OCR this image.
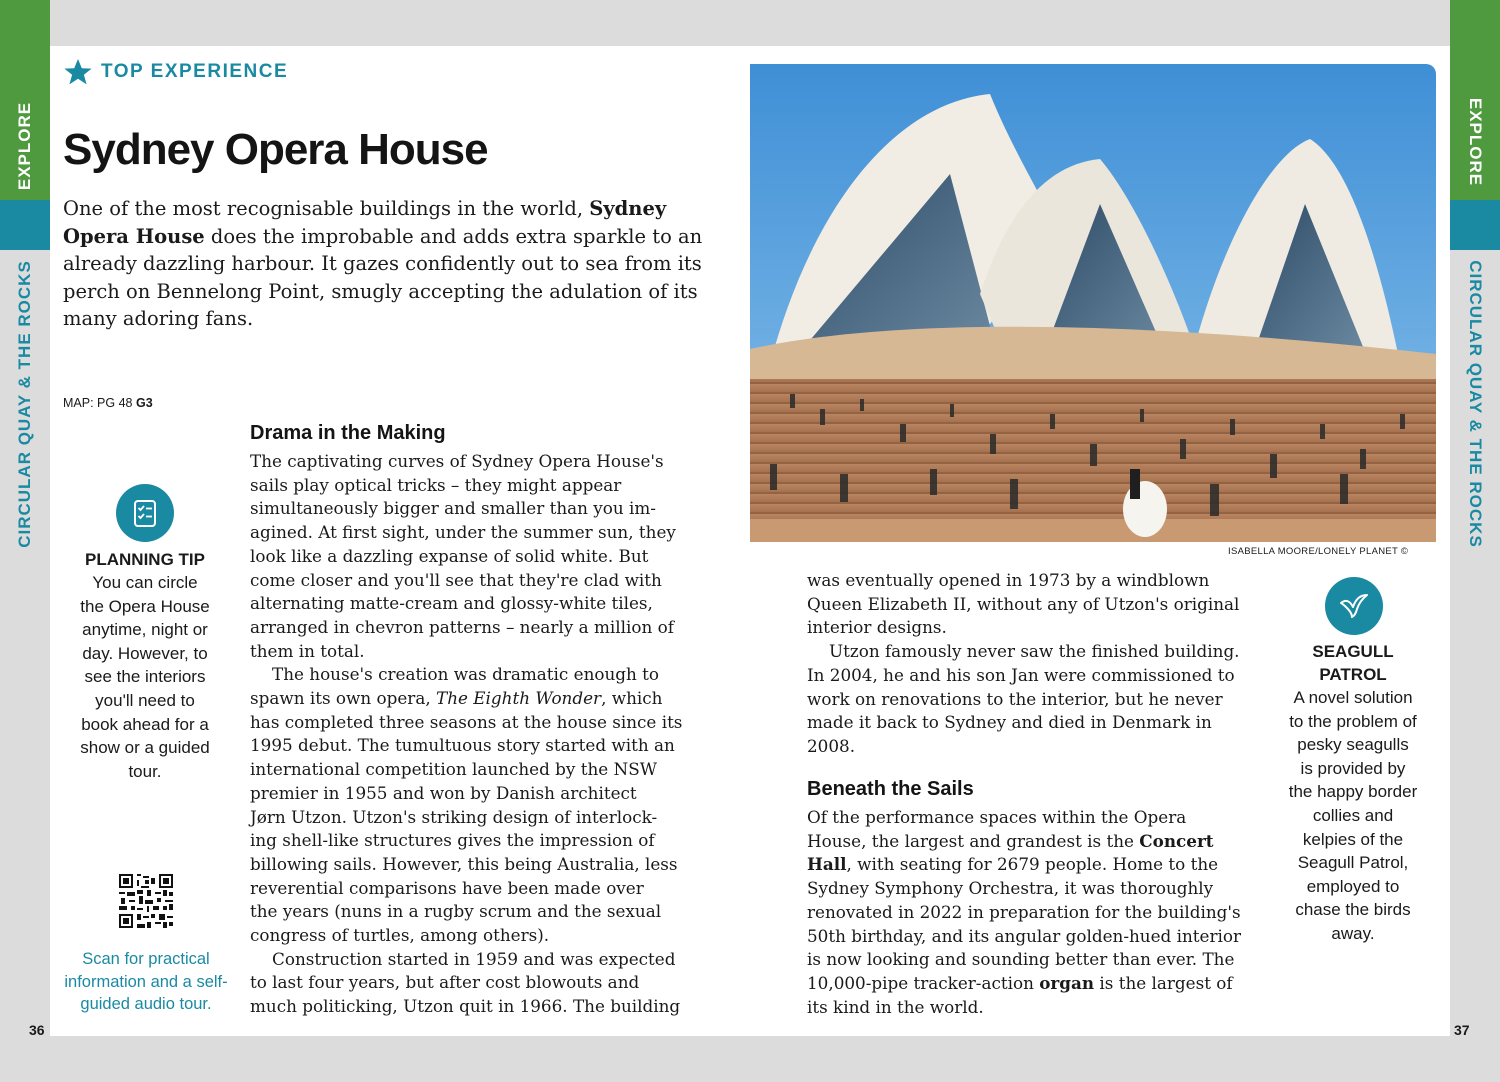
EXPLORE
CIRCULAR QUAY & THE ROCKS
EXPLORE
CIRCULAR QUAY & THE ROCKS
36	37
TOP EXPERIENCE
Sydney Opera House
One of the most recognisable buildings in the world, Sydney Opera House does the improbable and adds extra sparkle to an already dazzling harbour. It gazes confidently out to sea from its perch on Bennelong Point, smugly accepting the adulation of its many adoring fans.
MAP: PG 48 G3
PLANNING TIP
You can circle
the Opera House
anytime, night or
day. However, to
see the interiors
you'll need to
book ahead for a
show or a guided
tour.
Scan for practical
information and a self-
guided audio tour.
Drama in the Making
The captivating curves of Sydney Opera House's
sails play optical tricks – they might appear
simultaneously bigger and smaller than you im-
agined. At first sight, under the summer sun, they
look like a dazzling expanse of solid white. But
come closer and you'll see that they're clad with
alternating matte-cream and glossy-white tiles,
arranged in chevron patterns – nearly a million of
them in total.
The house's creation was dramatic enough to
spawn its own opera, The Eighth Wonder, which
has completed three seasons at the house since its
1995 debut. The tumultuous story started with an
international competition launched by the NSW
premier in 1955 and won by Danish architect
Jørn Utzon. Utzon's striking design of interlock-
ing shell-like structures gives the impression of
billowing sails. However, this being Australia, less
reverential comparisons have been made over
the years (nuns in a rugby scrum and the sexual
congress of turtles, among others).
Construction started in 1959 and was expected
to last four years, but after cost blowouts and
much politicking, Utzon quit in 1966. The building
ISABELLA MOORE/LONELY PLANET ©
was eventually opened in 1973 by a windblown
Queen Elizabeth II, without any of Utzon's original
interior designs.
Utzon famously never saw the finished building.
In 2004, he and his son Jan were commissioned to
work on renovations to the interior, but he never
made it back to Sydney and died in Denmark in
2008.
Beneath the Sails
Of the performance spaces within the Opera
House, the largest and grandest is the Concert
Hall, with seating for 2679 people. Home to the
Sydney Symphony Orchestra, it was thoroughly
renovated in 2022 in preparation for the building's
50th birthday, and its angular golden-hued interior
is now looking and sounding better than ever. The
10,000-pipe tracker-action organ is the largest of
its kind in the world.
SEAGULL
PATROL
A novel solution
to the problem of
pesky seagulls
is provided by
the happy border
collies and
kelpies of the
Seagull Patrol,
employed to
chase the birds
away.
